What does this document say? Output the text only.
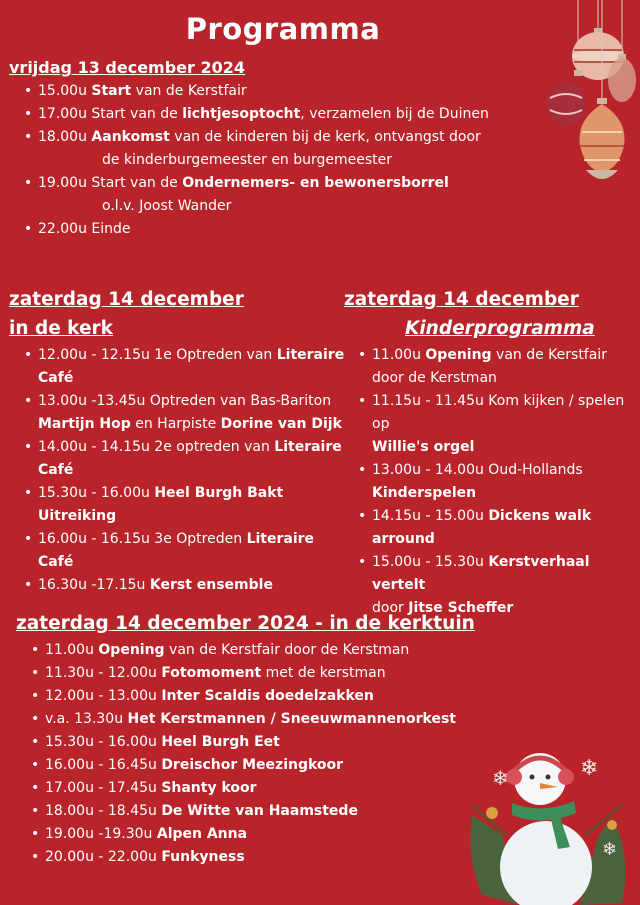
Programma
vrijdag 13 december 2024
• 15.00u Start van de Kerstfair
• 17.00u Start van de lichtjesoptocht, verzamelen bij de Duinen
• 18.00u Aankomst van de kinderen bij de kerk, ontvangst door
de kinderburgemeester en burgemeester
• 19.00u Start van de Ondernemers- en bewonersborrel
o.l.v. Joost Wander
• 22.00u Einde
zaterdag 14 december
in de kerk
• 12.00u - 12.15u 1e Optreden van Literaire
Café
• 13.00u -13.45u Optreden van Bas-Bariton
Martijn Hop en Harpiste Dorine van Dijk
• 14.00u - 14.15u 2e optreden van Literaire
Café
• 15.30u - 16.00u Heel Burgh Bakt Uitreiking
• 16.00u - 16.15u 3e Optreden Literaire Café
• 16.30u -17.15u Kerst ensemble
zaterdag 14 december
Kinderprogramma
• 11.00u Opening van de Kerstfair
door de Kerstman
• 11.15u - 11.45u Kom kijken / spelen op
Willie's orgel
• 13.00u - 14.00u Oud-Hollands
Kinderspelen
• 14.15u - 15.00u Dickens walk
arround
• 15.00u - 15.30u Kerstverhaal vertelt
door Jitse Scheffer
zaterdag 14 december 2024 - in de kerktuin
• 11.00u Opening van de Kerstfair door de Kerstman
• 11.30u - 12.00u Fotomoment met de kerstman
• 12.00u - 13.00u Inter Scaldis doedelzakken
• v.a. 13.30u Het Kerstmannen / Sneeuwmannenorkest
• 15.30u - 16.00u Heel Burgh Eet
• 16.00u - 16.45u Dreischor Meezingkoor
• 17.00u - 17.45u Shanty koor
• 18.00u - 18.45u De Witte van Haamstede
• 19.00u -19.30u Alpen Anna
• 20.00u - 22.00u Funkyness
❄	❄
❄
